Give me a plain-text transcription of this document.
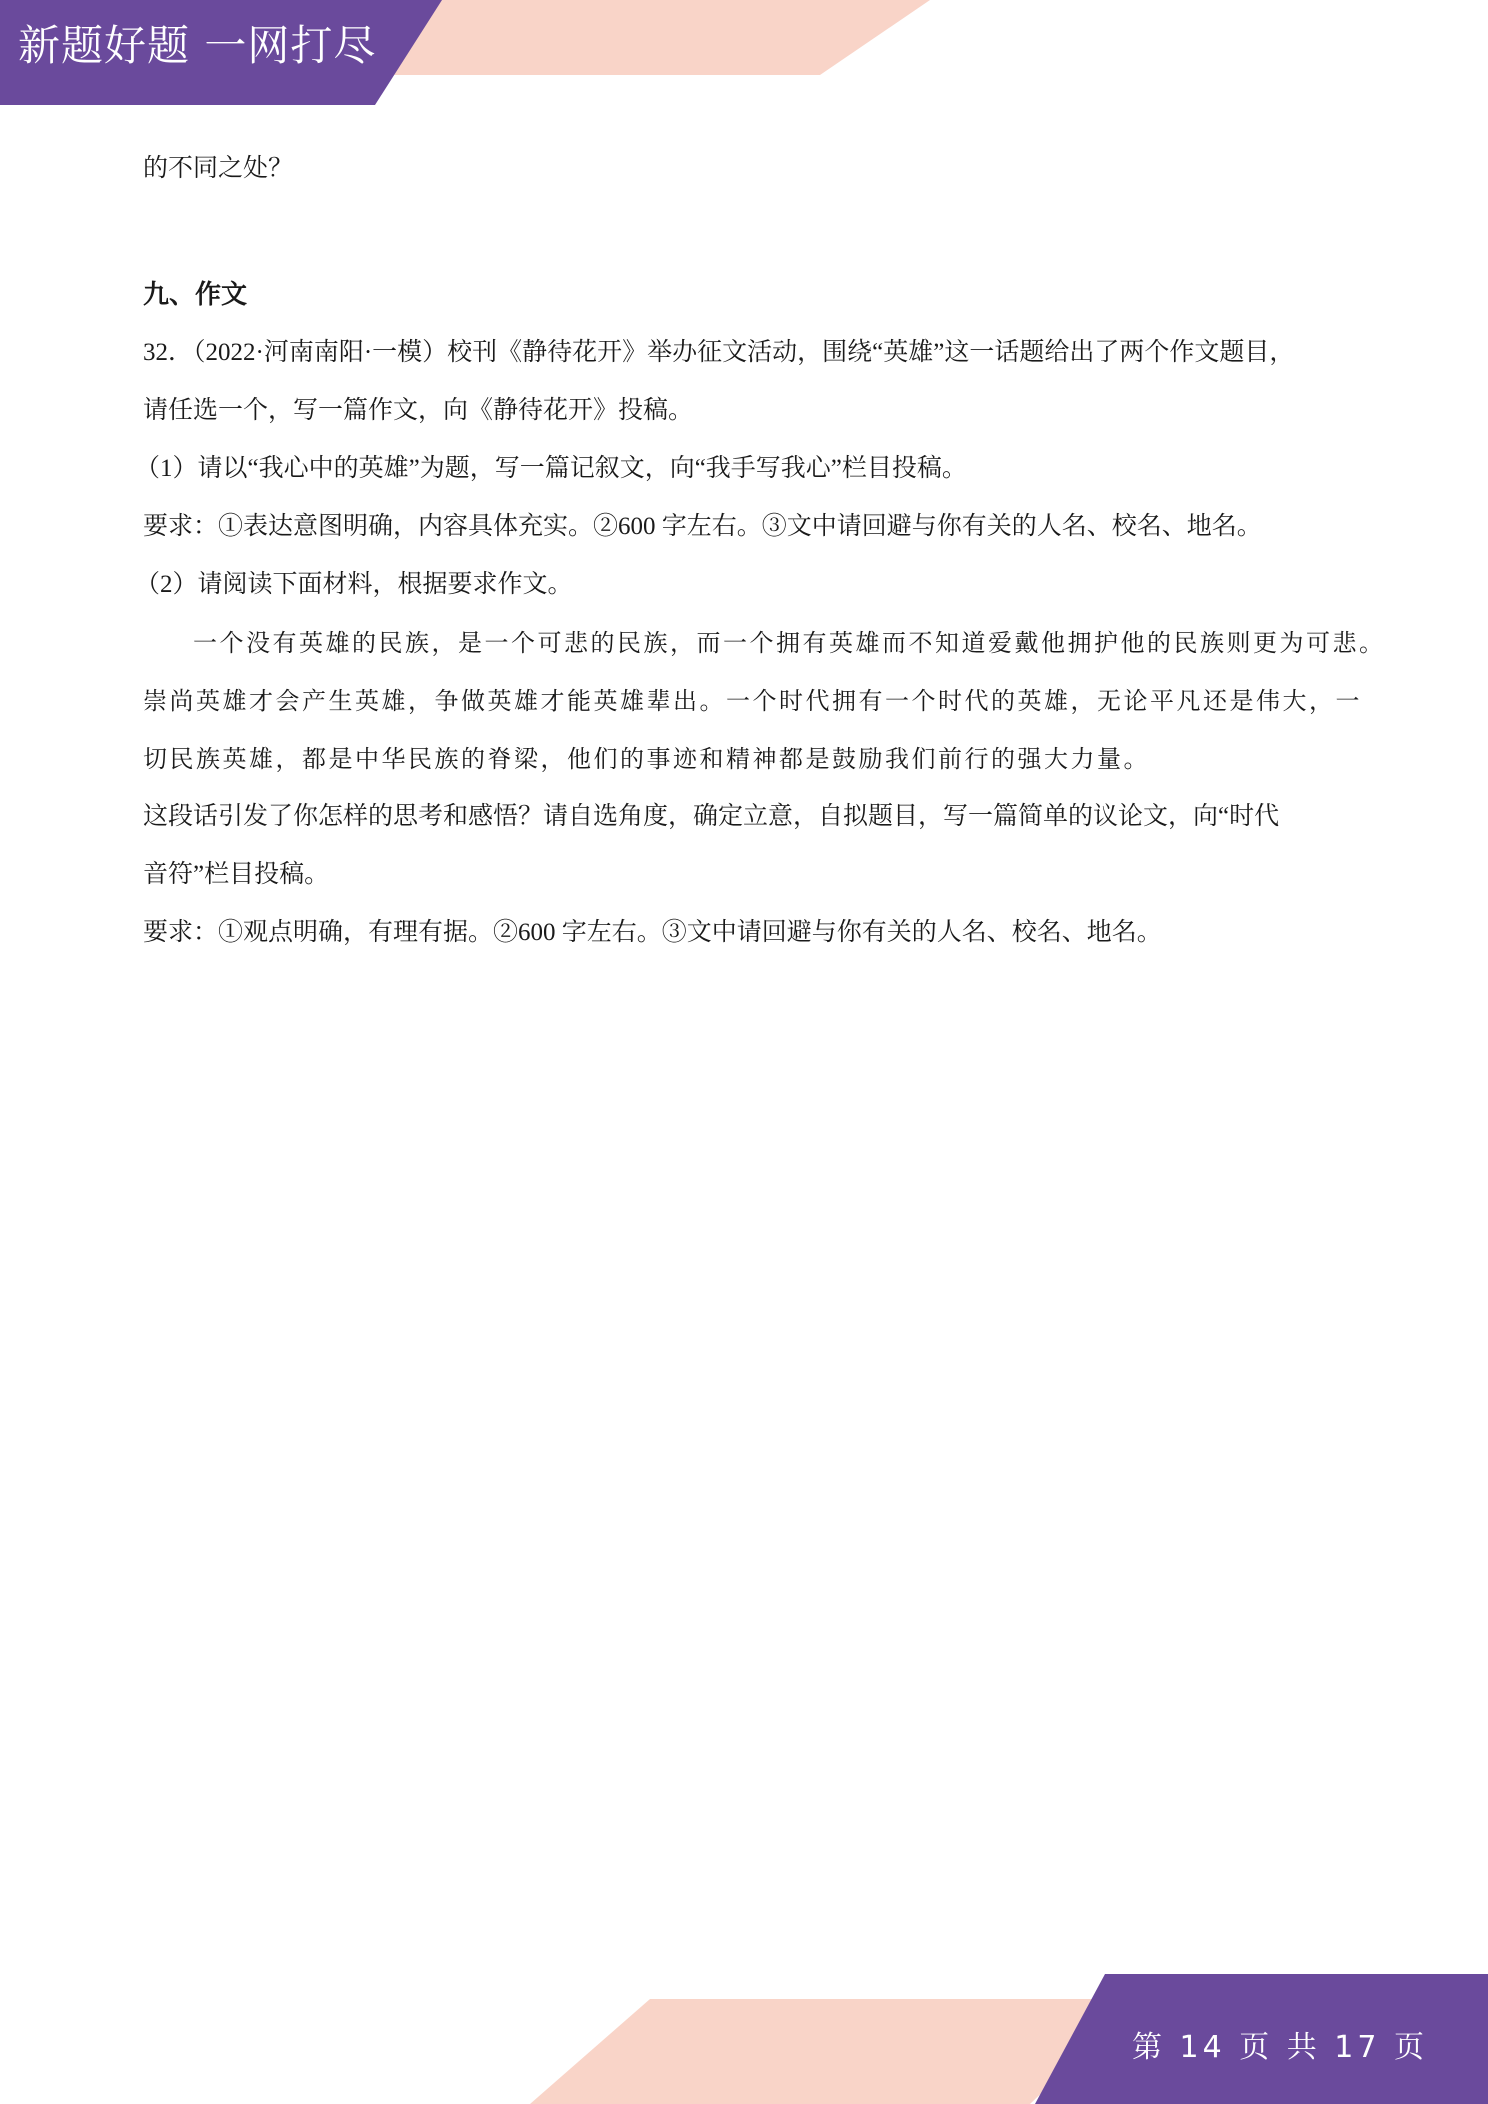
新题好题 一网打尽

的不同之处？

九、作文

32．（2022·河南南阳·一模）校刊《静待花开》举办征文活动，围绕“英雄”这一话题给出了两个作文题目，

请任选一个，写一篇作文，向《静待花开》投稿。

（1）请以“我心中的英雄”为题，写一篇记叙文，向“我手写我心”栏目投稿。

要求：①表达意图明确，内容具体充实。②600 字左右。③文中请回避与你有关的人名、校名、地名。

（2）请阅读下面材料，根据要求作文。

一个没有英雄的民族，是一个可悲的民族，而一个拥有英雄而不知道爱戴他拥护他的民族则更为可悲。

崇尚英雄才会产生英雄，争做英雄才能英雄辈出。一个时代拥有一个时代的英雄，无论平凡还是伟大，一

切民族英雄，都是中华民族的脊梁，他们的事迹和精神都是鼓励我们前行的强大力量。

这段话引发了你怎样的思考和感悟？请自选角度，确定立意，自拟题目，写一篇简单的议论文，向“时代

音符”栏目投稿。

要求：①观点明确，有理有据。②600 字左右。③文中请回避与你有关的人名、校名、地名。

第 14 页 共 17 页
